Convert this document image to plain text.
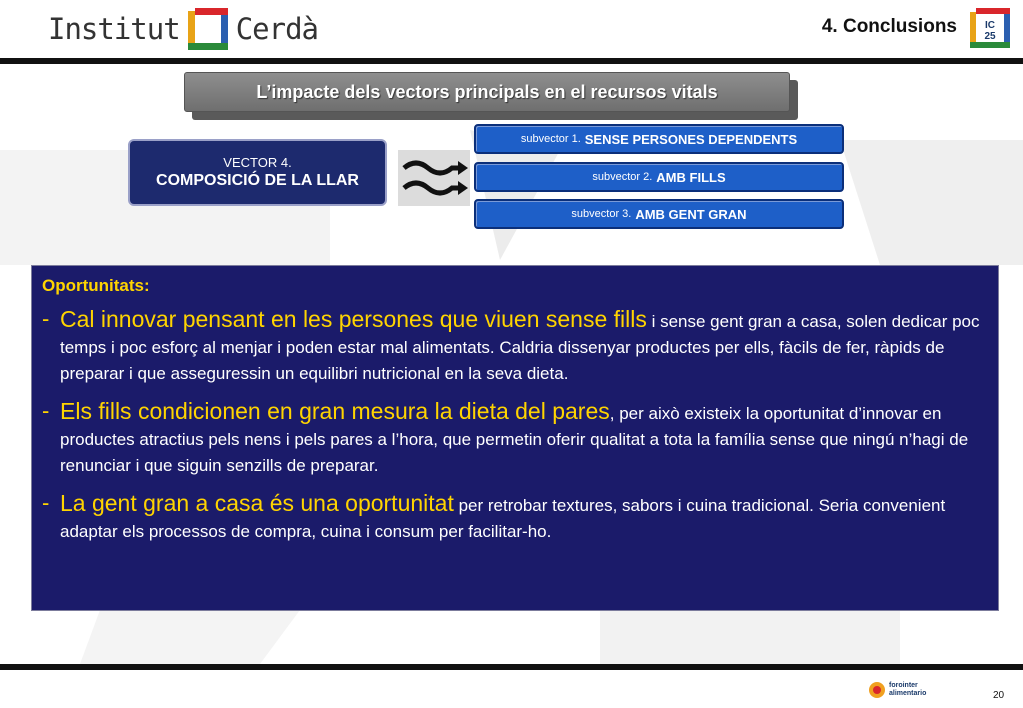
Institut Cerdà	4. Conclusions	IC
25
L’impacte dels vectors principals en el recursos vitals
VECTOR 4.
COMPOSICIÓ DE LA LLAR
subvector 1. SENSE PERSONES DEPENDENTS
subvector 2. AMB FILLS
subvector 3. AMB GENT GRAN
Oportunitats:
- Cal innovar pensant en les persones que viuen sense fills i sense gent gran a casa, solen dedicar poc temps i poc esforç al menjar i poden estar mal alimentats. Caldria dissenyar productes per ells, fàcils de fer, ràpids de preparar i que asseguressin un equilibri nutricional en la seva dieta.
- Els fills condicionen en gran mesura la dieta del pares, per això existeix la oportunitat d’innovar en productes atractius pels nens i pels pares a l’hora, que permetin oferir qualitat a tota la família sense que ningú n’hagi de renunciar i que siguin senzills de preparar.
- La gent gran a casa és una oportunitat per retrobar textures, sabors i cuina tradicional. Seria convenient adaptar els processos de compra, cuina i consum per facilitar-ho.
forointer
alimentario	20
